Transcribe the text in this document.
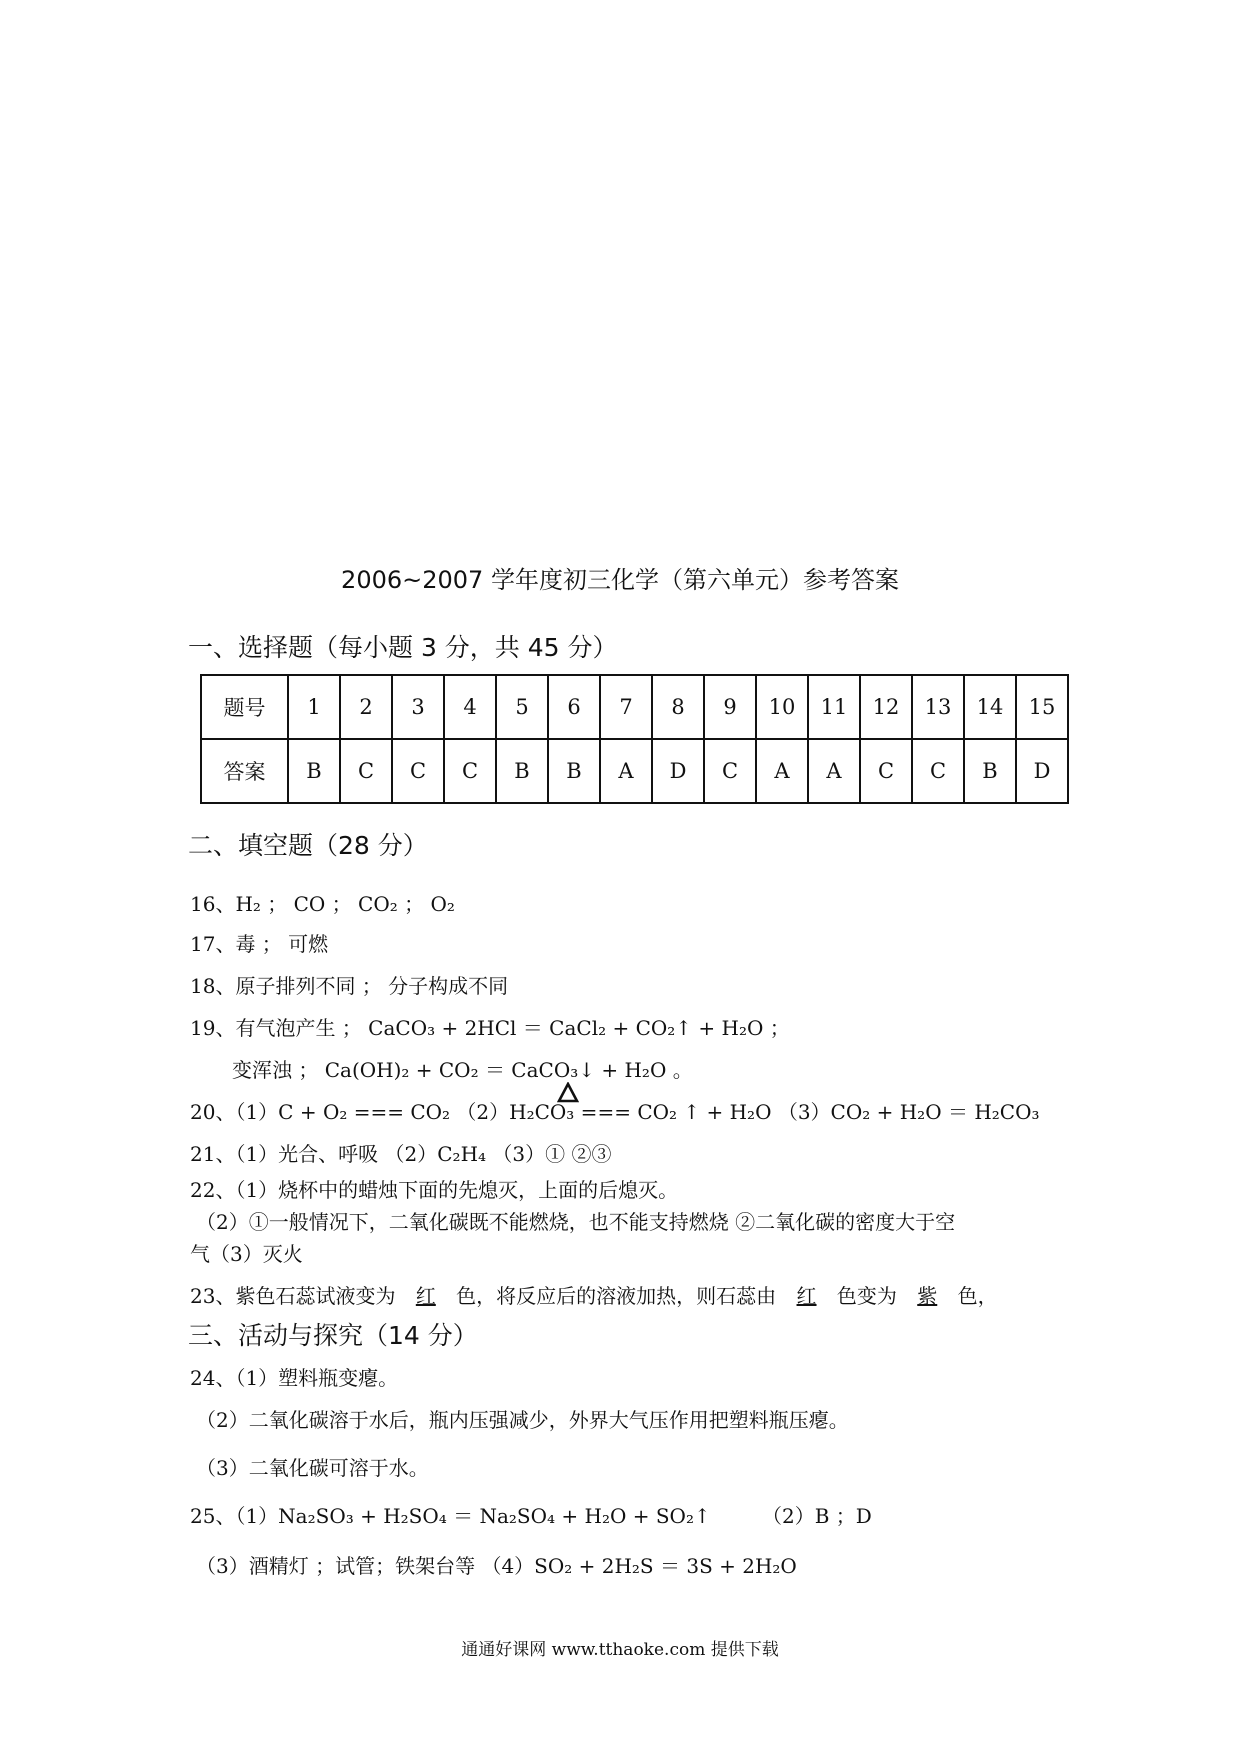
2006~2007 学年度初三化学（第六单元）参考答案
一、选择题（每小题 3 分，共 45 分）
题号	1	2	3	4	5	6	7	8	9	10	11	12	13	14	15
答案	B	C	C	C	B	B	A	D	C	A	A	C	C	B	D
二、填空题（28 分）
16、H₂ ； CO ； CO₂ ； O₂
17、毒 ； 可燃
18、原子排列不同 ； 分子构成不同
19、有气泡产生 ； CaCO₃ + 2HCl ＝ CaCl₂ + CO₂↑ + H₂O ；
变浑浊 ； Ca(OH)₂ + CO₂ ＝ CaCO₃↓ + H₂O 。
20、（1）C + O₂ === CO₂ （2）H₂CO₃ === CO₂ ↑ + H₂O （3）CO₂ + H₂O ＝ H₂CO₃
21、（1）光合、呼吸 （2）C₂H₄ （3）① ②③
22、（1）烧杯中的蜡烛下面的先熄灭，上面的后熄灭。
（2）①一般情况下，二氧化碳既不能燃烧，也不能支持燃烧 ②二氧化碳的密度大于空
气（3）灭火
23、紫色石蕊试液变为 红 色，将反应后的溶液加热，则石蕊由 红 色变为 紫 色，
三、活动与探究（14 分）
24、（1）塑料瓶变瘪。
（2）二氧化碳溶于水后，瓶内压强减少，外界大气压作用把塑料瓶压瘪。
（3）二氧化碳可溶于水。
25、（1）Na₂SO₃ + H₂SO₄ ＝ Na₂SO₄ + H₂O + SO₂↑	（2）B ；D
（3）酒精灯 ；试管；铁架台等 （4）SO₂ + 2H₂S ＝ 3S + 2H₂O
通通好课网 www.tthaoke.com 提供下载
